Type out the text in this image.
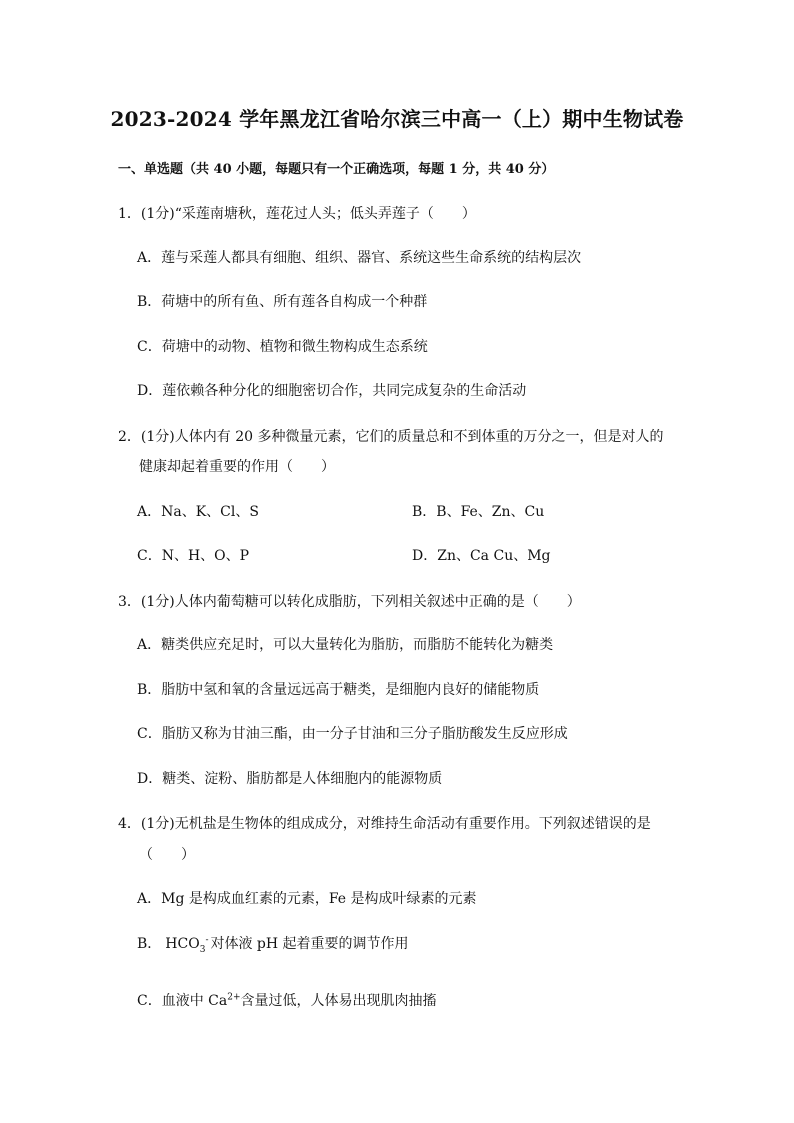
2023-2024 学年黑龙江省哈尔滨三中高一（上）期中生物试卷
一、单选题（共 40 小题，每题只有一个正确选项，每题 1 分，共 40 分）
1．(1分)“采莲南塘秋，莲花过人头；低头弄莲子（　　）
A．莲与采莲人都具有细胞、组织、器官、系统这些生命系统的结构层次
B．荷塘中的所有鱼、所有莲各自构成一个种群
C．荷塘中的动物、植物和微生物构成生态系统
D．莲依赖各种分化的细胞密切合作，共同完成复杂的生命活动
2．(1分)人体内有 20 多种微量元素，它们的质量总和不到体重的万分之一，但是对人的
健康却起着重要的作用（　　）
A．Na、K、Cl、S	B．B、Fe、Zn、Cu
C．N、H、O、P	D．Zn、Ca Cu、Mg
3．(1分)人体内葡萄糖可以转化成脂肪，下列相关叙述中正确的是（　　）
A．糖类供应充足时，可以大量转化为脂肪，而脂肪不能转化为糖类
B．脂肪中氢和氧的含量远远高于糖类，是细胞内良好的储能物质
C．脂肪又称为甘油三酯，由一分子甘油和三分子脂肪酸发生反应形成
D．糖类、淀粉、脂肪都是人体细胞内的能源物质
4．(1分)无机盐是生物体的组成成分，对维持生命活动有重要作用。下列叙述错误的是
（　　）
A．Mg 是构成血红素的元素，Fe 是构成叶绿素的元素
B． $HCO_3^-$ 对体液 pH 起着重要的调节作用
C．血液中 $Ca^{2+}$含量过低，人体易出现肌肉抽搐
